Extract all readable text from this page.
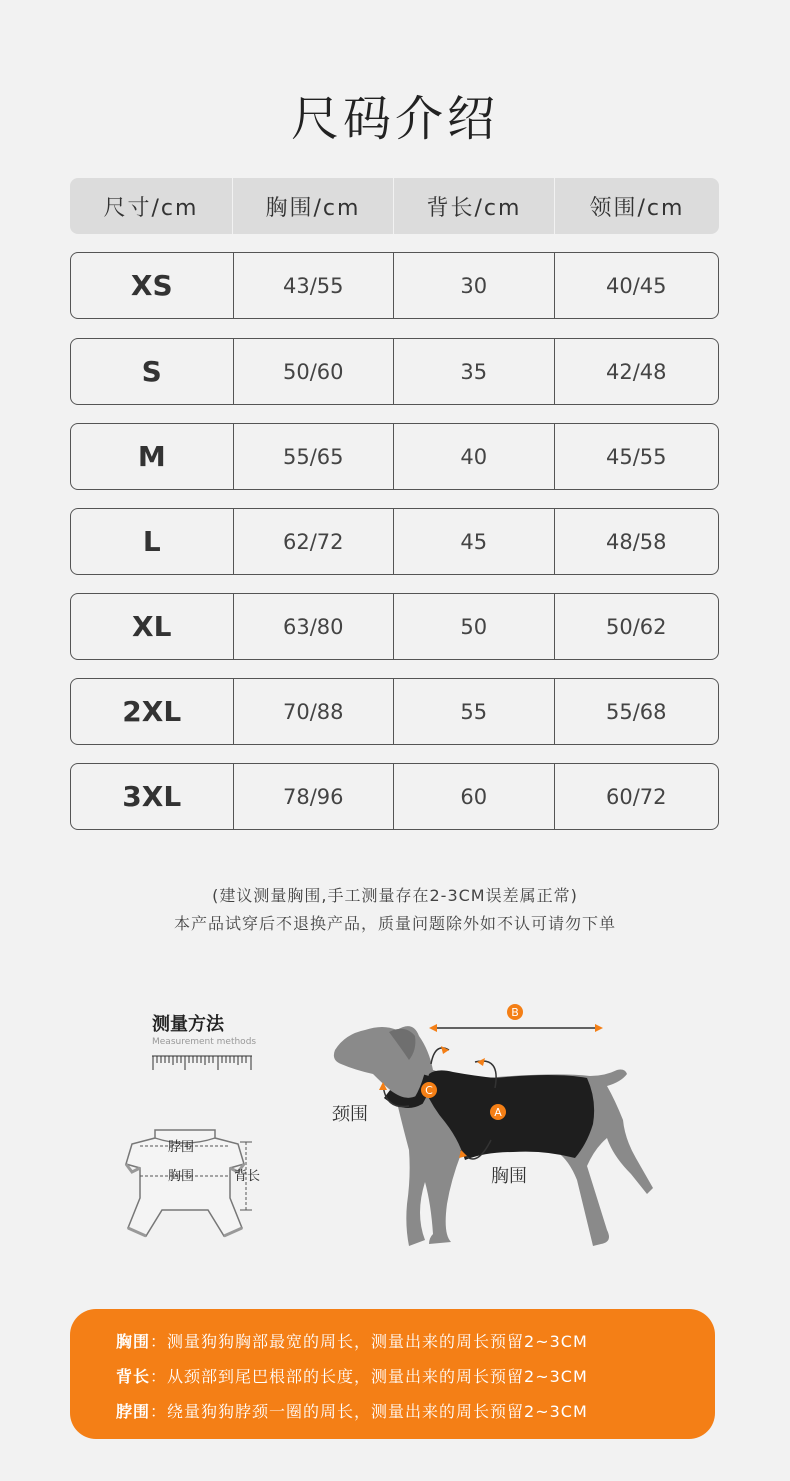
尺码介绍
尺寸/cm	胸围/cm	背长/cm	领围/cm
XS	43/55	30	40/45
S	50/60	35	42/48
M	55/65	40	45/55
L	62/72	45	48/58
XL	63/80	50	50/62
2XL	70/88	55	55/68
3XL	78/96	60	60/72
(建议测量胸围,手工测量存在2-3CM误差属正常)
本产品试穿后不退换产品，质量问题除外如不认可请勿下单
测量方法
Measurement methods
脖围
胸围	背长
B
C
A
颈围
胸围
胸围：测量狗狗胸部最宽的周长，测量出来的周长预留2~3CM
背长：从颈部到尾巴根部的长度，测量出来的周长预留2~3CM
脖围：绕量狗狗脖颈一圈的周长，测量出来的周长预留2~3CM
